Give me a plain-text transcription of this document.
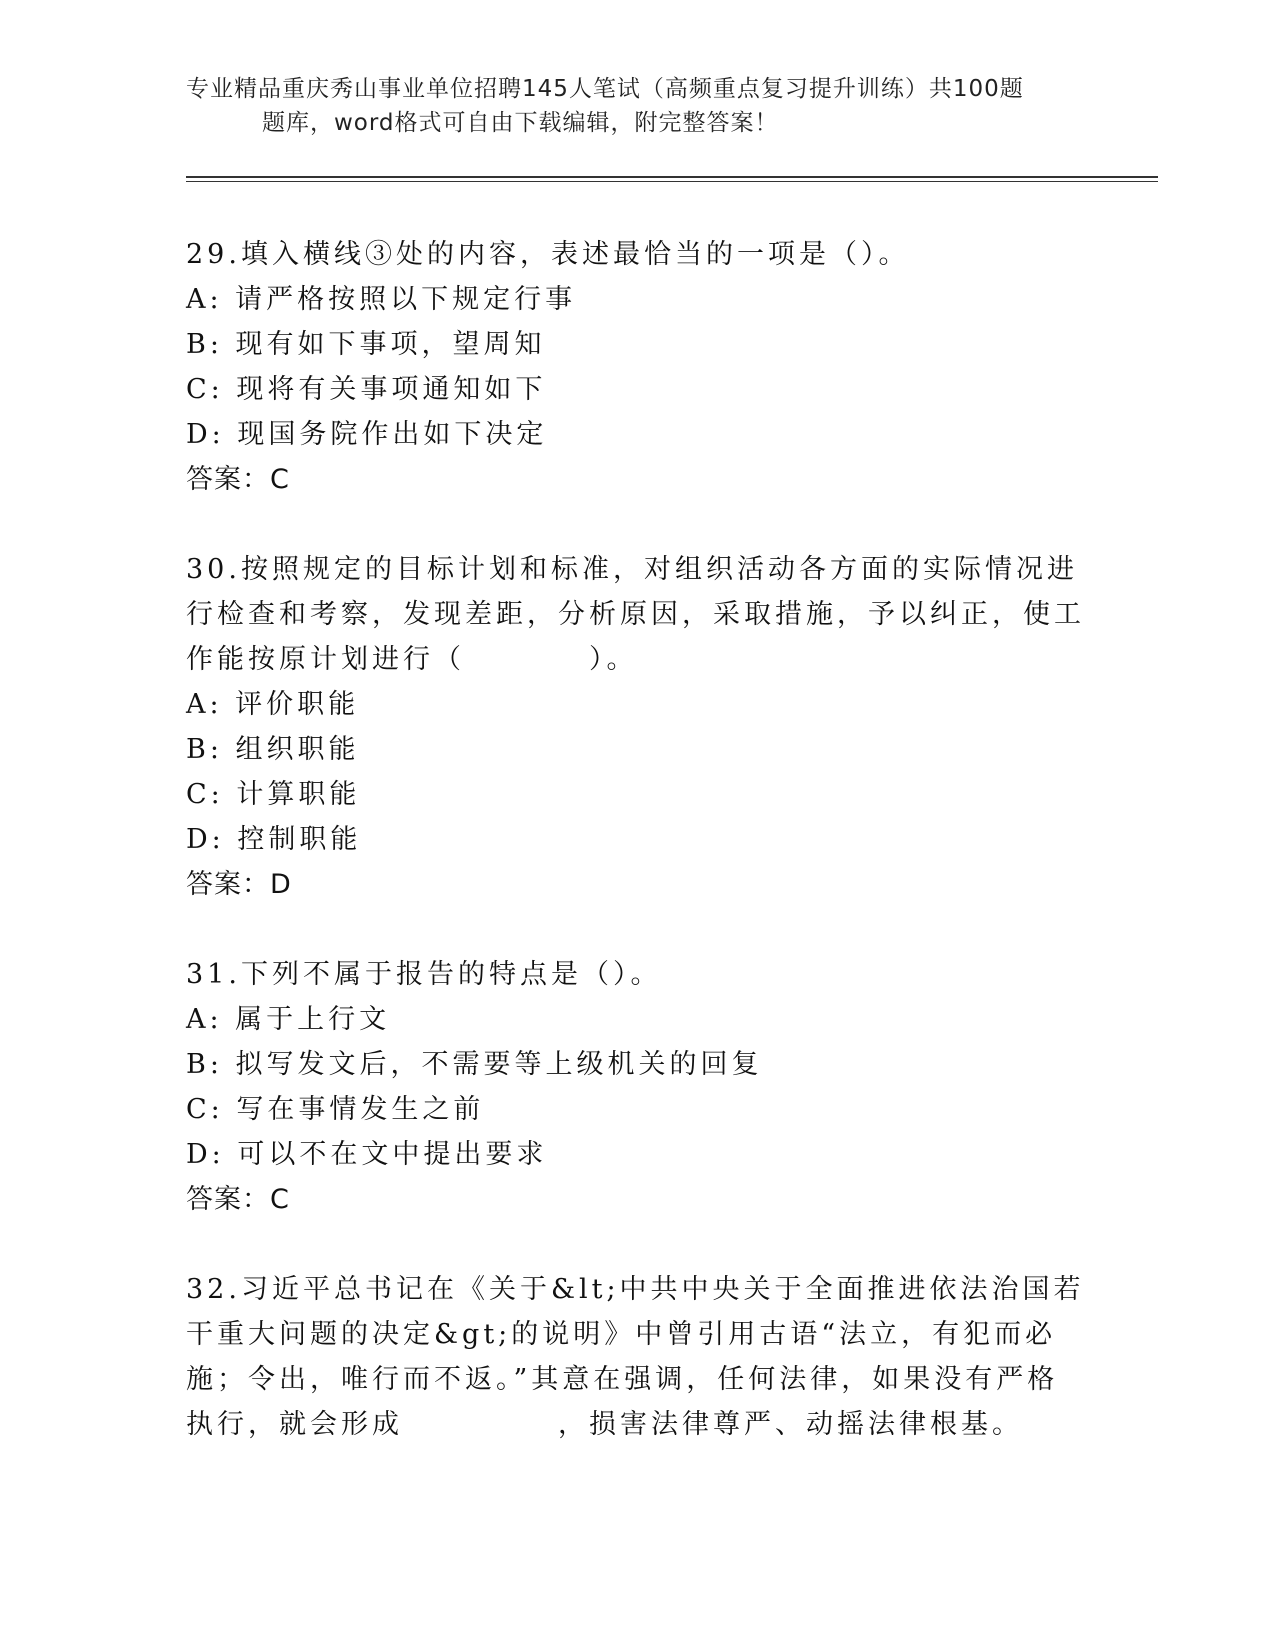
专业精品重庆秀山事业单位招聘145人笔试（高频重点复习提升训练）共100题
题库，word格式可自由下载编辑，附完整答案！
29.填入横线③处的内容，表述最恰当的一项是（）。
A: 请严格按照以下规定行事
B: 现有如下事项，望周知
C: 现将有关事项通知如下
D: 现国务院作出如下决定
答案：C
30.按照规定的目标计划和标准，对组织活动各方面的实际情况进行检查和考察，发现差距，分析原因，采取措施，予以纠正，使工作能按原计划进行（　　　　）。
A: 评价职能
B: 组织职能
C: 计算职能
D: 控制职能
答案：D
31.下列不属于报告的特点是（）。
A: 属于上行文
B: 拟写发文后，不需要等上级机关的回复
C: 写在事情发生之前
D: 可以不在文中提出要求
答案：C
32.习近平总书记在《关于&lt;中共中央关于全面推进依法治国若干重大问题的决定&gt;的说明》中曾引用古语“法立，有犯而必施；令出，唯行而不返。”其意在强调，任何法律，如果没有严格执行，就会形成　　　　　，损害法律尊严、动摇法律根基。
